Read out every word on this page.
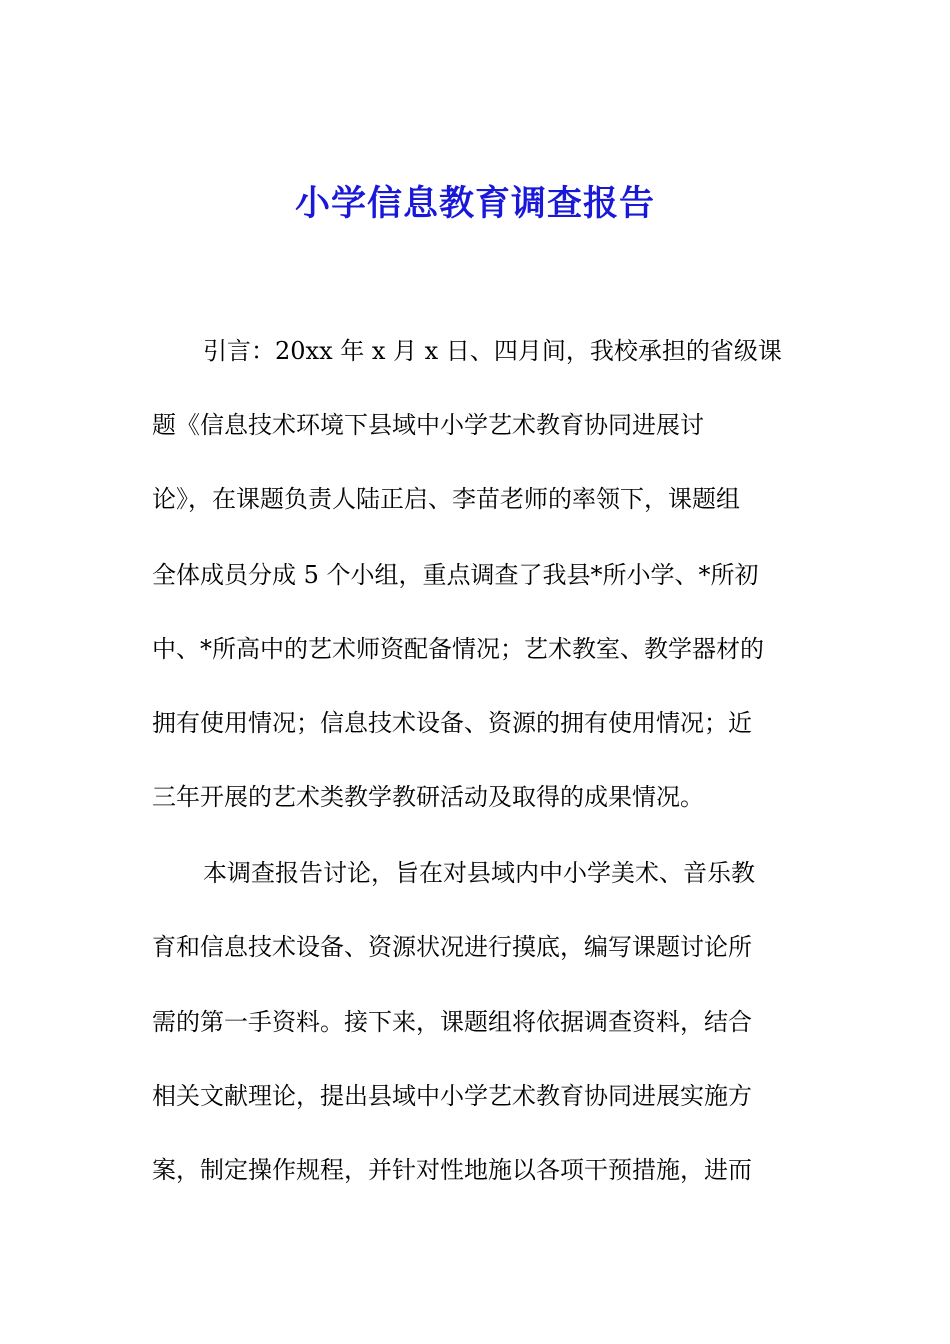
小学信息教育调查报告
引言：20xx 年 x 月 x 日、四月间，我校承担的省级课
题《信息技术环境下县域中小学艺术教育协同进展讨
论》，在课题负责人陆正启、李苗老师的率领下，课题组
全体成员分成 5 个小组，重点调查了我县*所小学、*所初
中、*所高中的艺术师资配备情况；艺术教室、教学器材的
拥有使用情况；信息技术设备、资源的拥有使用情况；近
三年开展的艺术类教学教研活动及取得的成果情况。
本调查报告讨论，旨在对县域内中小学美术、音乐教
育和信息技术设备、资源状况进行摸底，编写课题讨论所
需的第一手资料。接下来，课题组将依据调查资料，结合
相关文献理论，提出县域中小学艺术教育协同进展实施方
案，制定操作规程，并针对性地施以各项干预措施，进而
